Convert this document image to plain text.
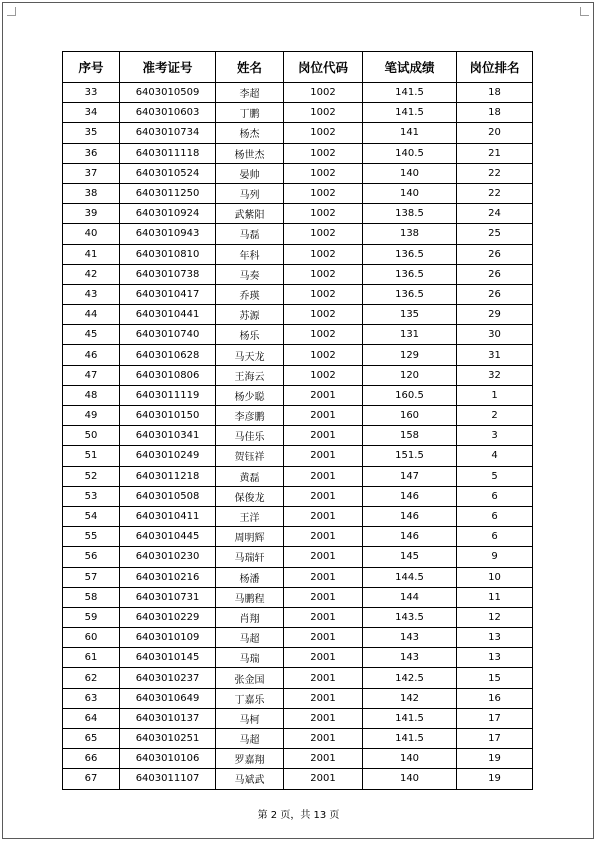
序号	准考证号	姓名	岗位代码	笔试成绩	岗位排名
33	6403010509	李超	1002	141.5	18
34	6403010603	丁鹏	1002	141.5	18
35	6403010734	杨杰	1002	141	20
36	6403011118	杨世杰	1002	140.5	21
37	6403010524	晏帅	1002	140	22
38	6403011250	马列	1002	140	22
39	6403010924	武紫阳	1002	138.5	24
40	6403010943	马磊	1002	138	25
41	6403010810	年科	1002	136.5	26
42	6403010738	马奏	1002	136.5	26
43	6403010417	乔瑛	1002	136.5	26
44	6403010441	苏源	1002	135	29
45	6403010740	杨乐	1002	131	30
46	6403010628	马天龙	1002	129	31
47	6403010806	王海云	1002	120	32
48	6403011119	杨少聪	2001	160.5	1
49	6403010150	李彦鹏	2001	160	2
50	6403010341	马佳乐	2001	158	3
51	6403010249	贺钰祥	2001	151.5	4
52	6403011218	黄磊	2001	147	5
53	6403010508	保俊龙	2001	146	6
54	6403010411	王洋	2001	146	6
55	6403010445	周明辉	2001	146	6
56	6403010230	马瑞轩	2001	145	9
57	6403010216	杨潘	2001	144.5	10
58	6403010731	马鹏程	2001	144	11
59	6403010229	肖翔	2001	143.5	12
60	6403010109	马超	2001	143	13
61	6403010145	马瑞	2001	143	13
62	6403010237	张金国	2001	142.5	15
63	6403010649	丁嘉乐	2001	142	16
64	6403010137	马柯	2001	141.5	17
65	6403010251	马超	2001	141.5	17
66	6403010106	罗嘉翔	2001	140	19
67	6403011107	马斌武	2001	140	19
第 2 页，共 13 页
